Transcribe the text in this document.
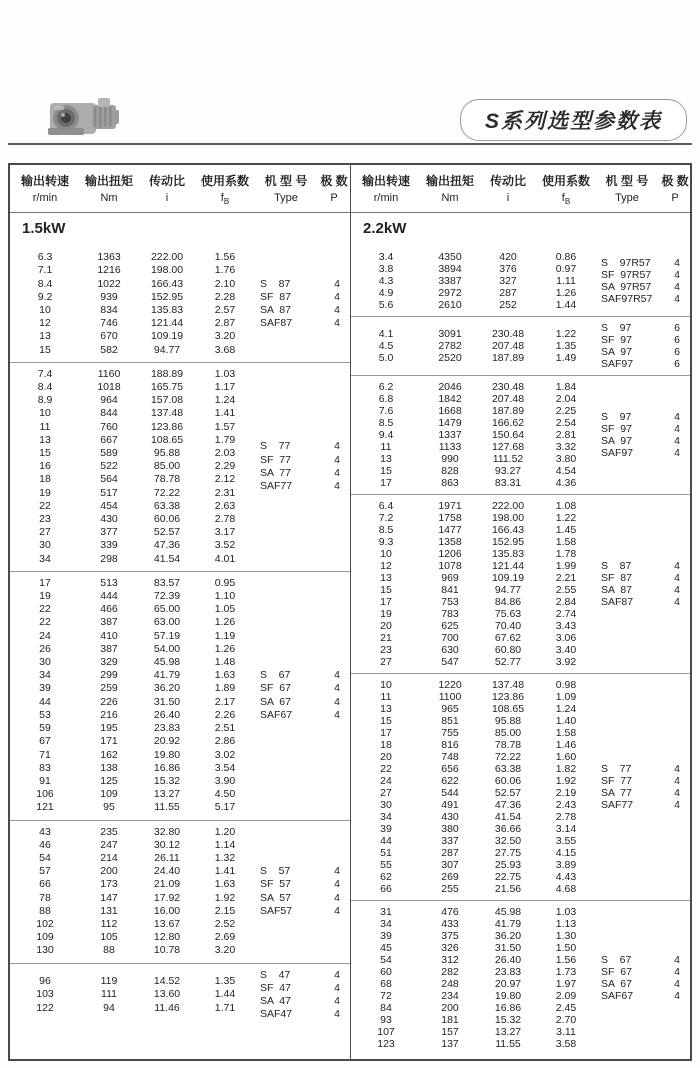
S系列选型参数表
输出转速
r/min
输出扭矩
Nm
传动比
i
使用系数
$f_B$
机 型 号
Type
极 数
P
1.5kW
6.3	1363	222.00	1.56
7.1	1216	198.00	1.76
8.4	1022	166.43	2.10
9.2	939	152.95	2.28
10	834	135.83	2.57
12	746	121.44	2.87
13	670	109.19	3.20
15	582	94.77	3.68
S    87	4
SF  87	4
SA  87	4
SAF87	4
7.4	1160	188.89	1.03
8.4	1018	165.75	1.17
8.9	964	157.08	1.24
10	844	137.48	1.41
11	760	123.86	1.57
13	667	108.65	1.79
15	589	95.88	2.03
16	522	85.00	2.29
18	564	78.78	2.12
19	517	72.22	2.31
22	454	63.38	2.63
23	430	60.06	2.78
27	377	52.57	3.17
30	339	47.36	3.52
34	298	41.54	4.01
S    77	4
SF  77	4
SA  77	4
SAF77	4
17	513	83.57	0.95
19	444	72.39	1.10
22	466	65.00	1.05
22	387	63.00	1.26
24	410	57.19	1.19
26	387	54.00	1.26
30	329	45.98	1.48
34	299	41.79	1.63
39	259	36.20	1.89
44	226	31.50	2.17
53	216	26.40	2.26
59	195	23.83	2.51
67	171	20.92	2.86
71	162	19.80	3.02
83	138	16.86	3.54
91	125	15.32	3.90
106	109	13.27	4.50
121	95	11.55	5.17
S    67	4
SF  67	4
SA  67	4
SAF67	4
43	235	32.80	1.20
46	247	30.12	1.14
54	214	26.11	1.32
57	200	24.40	1.41
66	173	21.09	1.63
78	147	17.92	1.92
88	131	16.00	2.15
102	112	13.67	2.52
109	105	12.80	2.69
130	88	10.78	3.20
S    57	4
SF  57	4
SA  57	4
SAF57	4
96	119	14.52	1.35
103	111	13.60	1.44
122	94	11.46	1.71
S    47	4
SF  47	4
SA  47	4
SAF47	4
输出转速
r/min
输出扭矩
Nm
传动比
i
使用系数
$f_B$
机 型 号
Type
极 数
P
2.2kW
3.4	4350	420	0.86
3.8	3894	376	0.97
4.3	3387	327	1.11
4.9	2972	287	1.26
5.6	2610	252	1.44
S    97R57	4
SF  97R57	4
SA  97R57	4
SAF97R57	4
4.1	3091	230.48	1.22
4.5	2782	207.48	1.35
5.0	2520	187.89	1.49
S    97	6
SF  97	6
SA  97	6
SAF97	6
6.2	2046	230.48	1.84
6.8	1842	207.48	2.04
7.6	1668	187.89	2.25
8.5	1479	166.62	2.54
9.4	1337	150.64	2.81
11	1133	127.68	3.32
13	990	111.52	3.80
15	828	93.27	4.54
17	863	83.31	4.36
S    97	4
SF  97	4
SA  97	4
SAF97	4
6.4	1971	222.00	1.08
7.2	1758	198.00	1.22
8.5	1477	166.43	1.45
9.3	1358	152.95	1.58
10	1206	135.83	1.78
12	1078	121.44	1.99
13	969	109.19	2.21
15	841	94.77	2.55
17	753	84.86	2.84
19	783	75.63	2.74
20	625	70.40	3.43
21	700	67.62	3.06
23	630	60.80	3.40
27	547	52.77	3.92
S    87	4
SF  87	4
SA  87	4
SAF87	4
10	1220	137.48	0.98
11	1100	123.86	1.09
13	965	108.65	1.24
15	851	95.88	1.40
17	755	85.00	1.58
18	816	78.78	1.46
20	748	72.22	1.60
22	656	63.38	1.82
24	622	60.06	1.92
27	544	52.57	2.19
30	491	47.36	2.43
34	430	41.54	2.78
39	380	36.66	3.14
44	337	32.50	3.55
51	287	27.75	4.15
55	307	25.93	3.89
62	269	22.75	4.43
66	255	21.56	4.68
S    77	4
SF  77	4
SA  77	4
SAF77	4
31	476	45.98	1.03
34	433	41.79	1.13
39	375	36.20	1.30
45	326	31.50	1.50
54	312	26.40	1.56
60	282	23.83	1.73
68	248	20.97	1.97
72	234	19.80	2.09
84	200	16.86	2.45
93	181	15.32	2.70
107	157	13.27	3.11
123	137	11.55	3.58
S    67	4
SF  67	4
SA  67	4
SAF67	4
